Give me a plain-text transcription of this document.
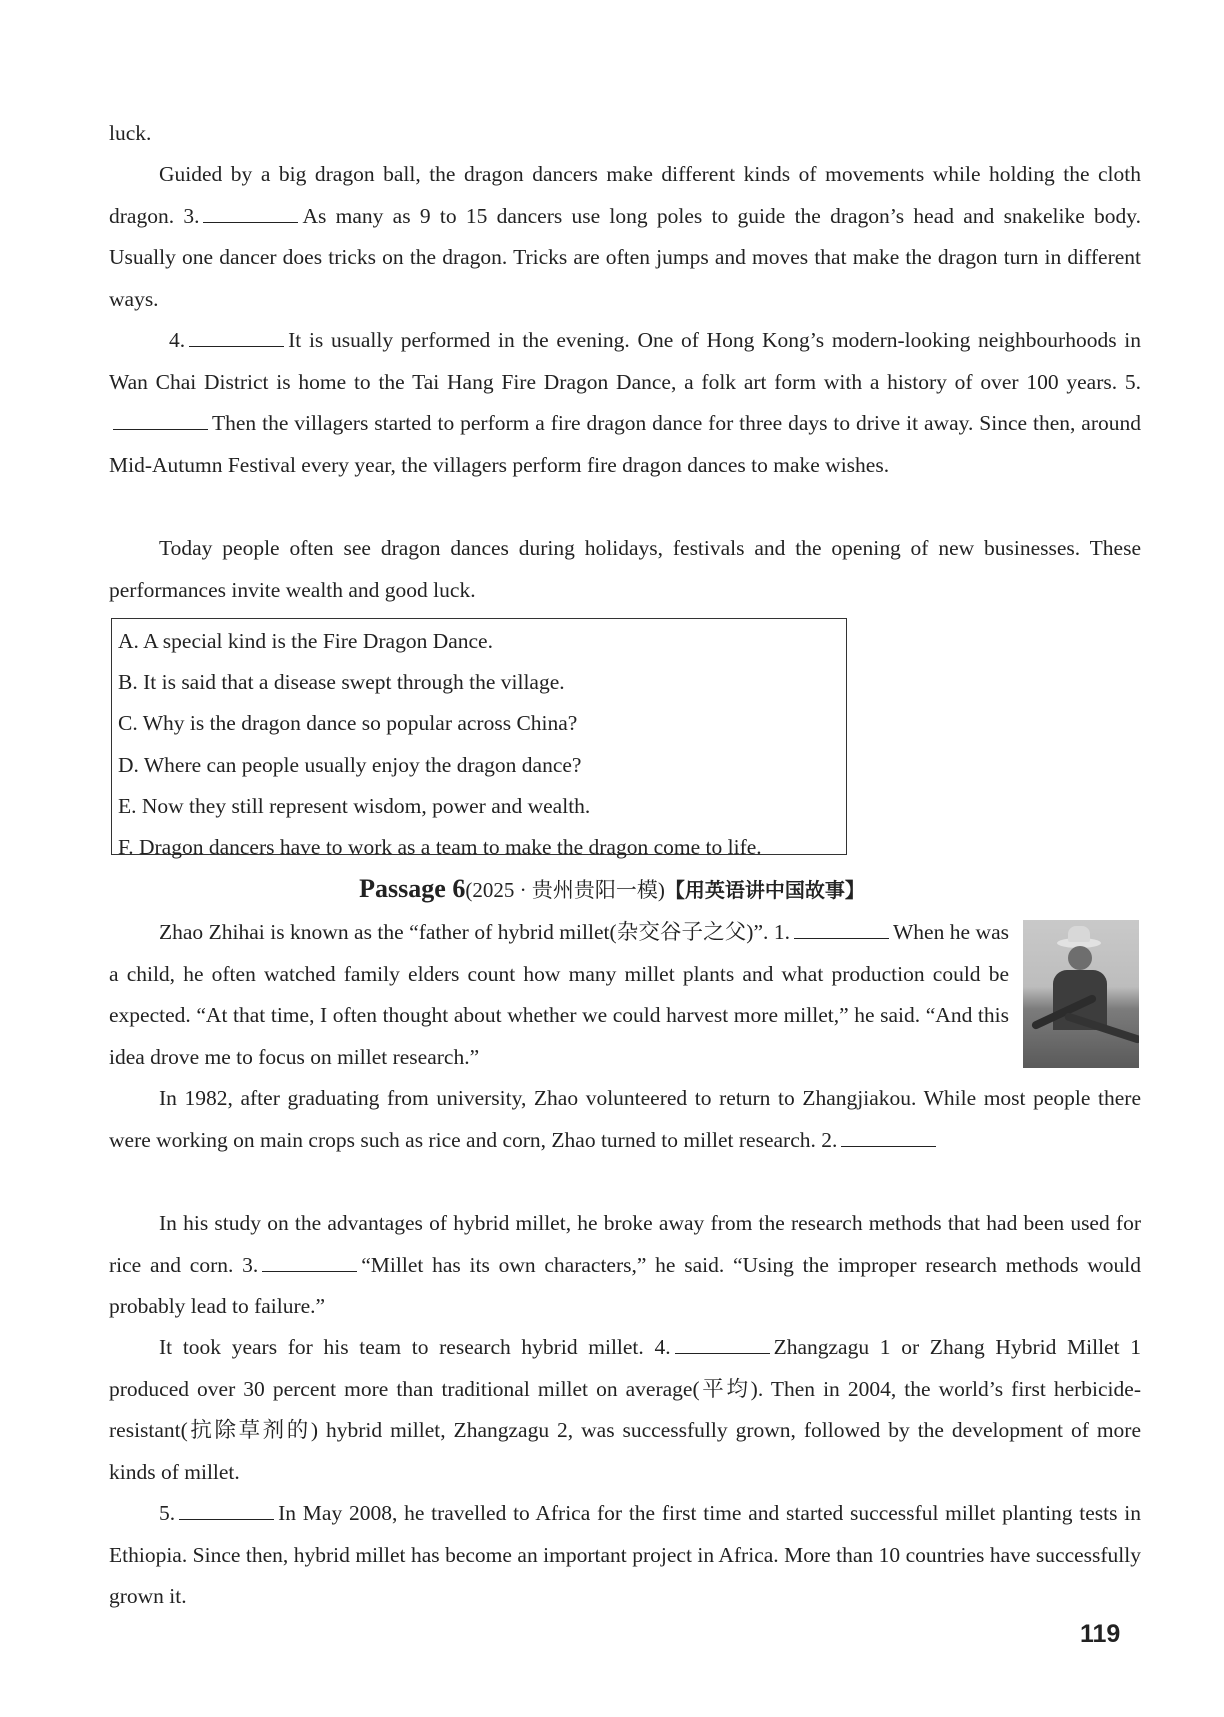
luck.

Guided by a big dragon ball, the dragon dancers make different kinds of movements while holding the cloth dragon. 3.	As many as 9 to 15 dancers use long poles to guide the dragon’s head and snakelike body. Usually one dancer does tricks on the dragon. Tricks are often jumps and moves that make the dragon turn in different ways.

4.	It is usually performed in the evening. One of Hong Kong’s modern-looking neighbourhoods in Wan Chai District is home to the Tai Hang Fire Dragon Dance, a folk art form with a history of over 100 years. 5.Then the villagers started to perform a fire dragon dance for three days to drive it away. Since then, around Mid-Autumn Festival every year, the villagers perform fire dragon dances to make wishes.

Today people often see dragon dances during holidays, festivals and the opening of new businesses. These performances invite wealth and good luck.

A. A special kind is the Fire Dragon Dance.
B. It is said that a disease swept through the village.
C. Why is the dragon dance so popular across China?
D. Where can people usually enjoy the dragon dance?
E. Now they still represent wisdom, power and wealth.
F. Dragon dancers have to work as a team to make the dragon come to life.
Passage 6(2025 · 贵州贵阳一模)【用英语讲中国故事】

Zhao Zhihai is known as the “father of hybrid millet(杂交谷子之父)”. 1.	When he was a child, he often watched family elders count how many millet plants and what production could be expected. “At that time, I often thought about whether we could harvest more millet,” he said. “And this idea drove me to focus on millet research.”

In 1982, after graduating from university, Zhao volunteered to return to Zhangjiakou. While most people there were working on main crops such as rice and corn, Zhao turned to millet research. 2.

In his study on the advantages of hybrid millet, he broke away from the research methods that had been used for rice and corn. 3.	“Millet has its own characters,” he said. “Using the improper research methods would probably lead to failure.”

It took years for his team to research hybrid millet. 4.	Zhangzagu 1 or Zhang Hybrid Millet 1 produced over 30 percent more than traditional millet on average(平均). Then in 2004, the world’s first herbicide-resistant(抗除草剂的) hybrid millet, Zhangzagu 2, was successfully grown, followed by the development of more kinds of millet.

5.	In May 2008, he travelled to Africa for the first time and started successful millet planting tests in Ethiopia. Since then, hybrid millet has become an important project in Africa. More than 10 countries have successfully grown it.

119
